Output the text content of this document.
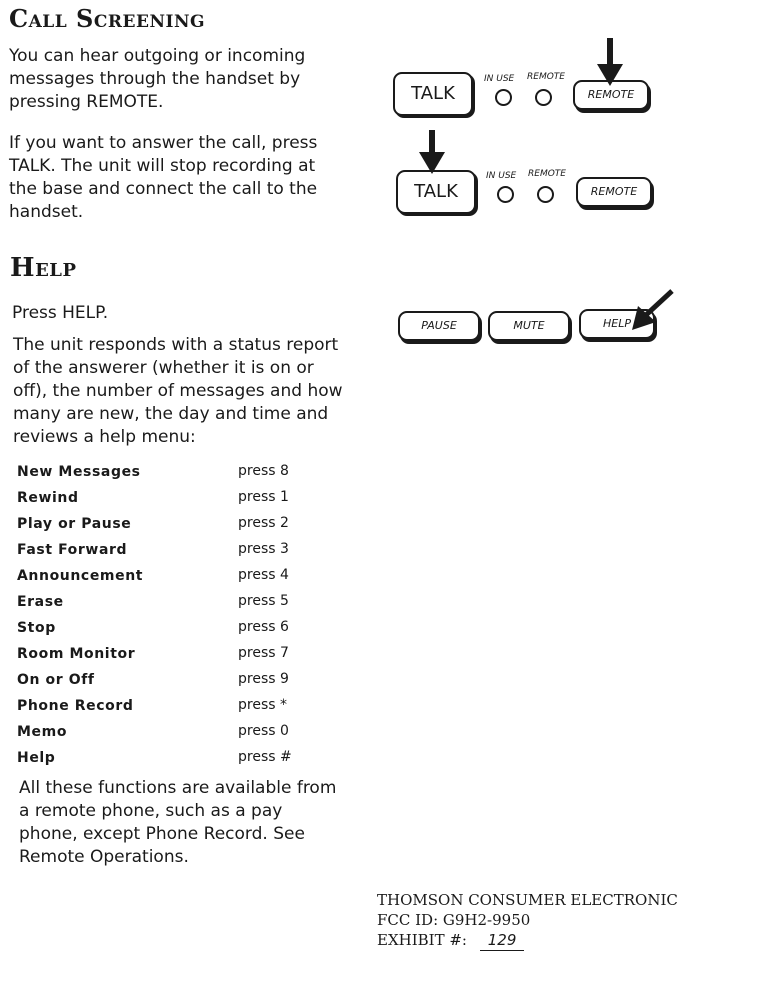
Call Screening

You can hear outgoing or incoming messages through the handset by pressing REMOTE.

If you want to answer the call, press TALK. The unit will stop recording at the base and connect the call to the handset.

Help

Press HELP.

The unit responds with a status report of the answerer (whether it is on or off), the number of messages and how many are new, the day and time and reviews a help menu:

New Messages	press 8
Rewind	press 1
Play or Pause	press 2
Fast Forward	press 3
Announcement	press 4
Erase	press 5
Stop	press 6
Room Monitor	press 7
On or Off	press 9
Phone Record	press *
Memo	press 0
Help	press #

All these functions are available from a remote phone, such as a pay phone, except Phone Record. See Remote Operations.

TALK
IN USE REMOTE
REMOTE
TALK
IN USE REMOTE
REMOTE
PAUSE	MUTE	HELP
THOMSON CONSUMER ELECTRONIC
FCC ID: G9H2-9950
EXHIBIT #: 129
